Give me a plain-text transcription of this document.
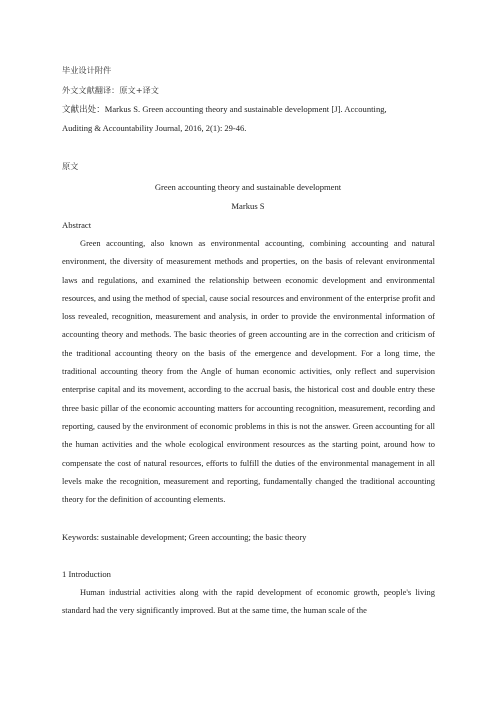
毕业设计附件
外文文献翻译：原文+译文
文献出处：Markus S. Green accounting theory and sustainable development [J]. Accounting,
Auditing & Accountability Journal, 2016, 2(1): 29-46.
原文
Green accounting theory and sustainable development
Markus S
Abstract
Green accounting, also known as environmental accounting, combining accounting and natural environment, the diversity of measurement methods and properties, on the basis of relevant environmental laws and regulations, and examined the relationship between economic development and environmental resources, and using the method of special, cause social resources and environment of the enterprise profit and loss revealed, recognition, measurement and analysis, in order to provide the environmental information of accounting theory and methods. The basic theories of green accounting are in the correction and criticism of the traditional accounting theory on the basis of the emergence and development. For a long time, the traditional accounting theory from the Angle of human economic activities, only reflect and supervision enterprise capital and its movement, according to the accrual basis, the historical cost and double entry these three basic pillar of the economic accounting matters for accounting recognition, measurement, recording and reporting, caused by the environment of economic problems in this is not the answer. Green accounting for all the human activities and the whole ecological environment resources as the starting point, around how to compensate the cost of natural resources, efforts to fulfill the duties of the environmental management in all levels make the recognition, measurement and reporting, fundamentally changed the traditional accounting theory for the definition of accounting elements.
Keywords: sustainable development; Green accounting; the basic theory
1 Introduction
Human industrial activities along with the rapid development of economic growth, people's living standard had the very significantly improved. But at the same time, the human scale of the
